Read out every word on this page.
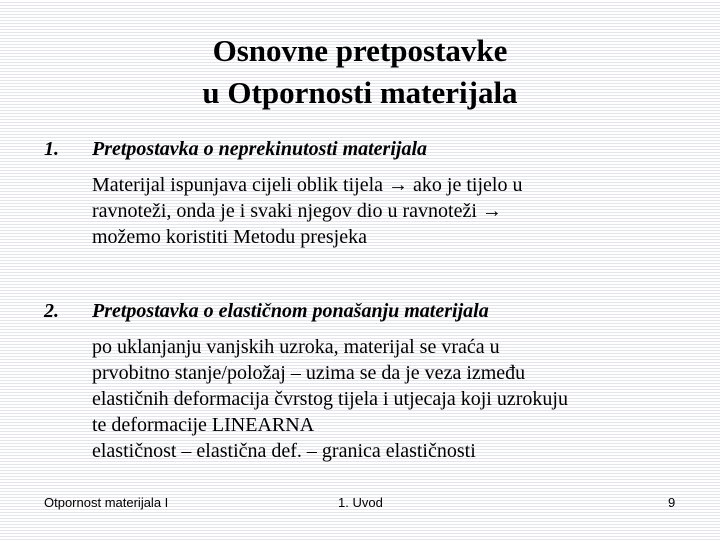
Osnovne pretpostavke
u Otpornosti materijala
1. Pretpostavka o neprekinutosti materijala
Materijal ispunjava cijeli oblik tijela → ako je tijelo u
ravnoteži, onda je i svaki njegov dio u ravnoteži →
možemo koristiti Metodu presjeka
2. Pretpostavka o elastičnom ponašanju materijala
po uklanjanju vanjskih uzroka, materijal se vraća u
prvobitno stanje/položaj – uzima se da je veza između
elastičnih deformacija čvrstog tijela i utjecaja koji uzrokuju
te deformacije LINEARNA
elastičnost – elastična def. – granica elastičnosti
Otpornost materijala I	1. Uvod	9
